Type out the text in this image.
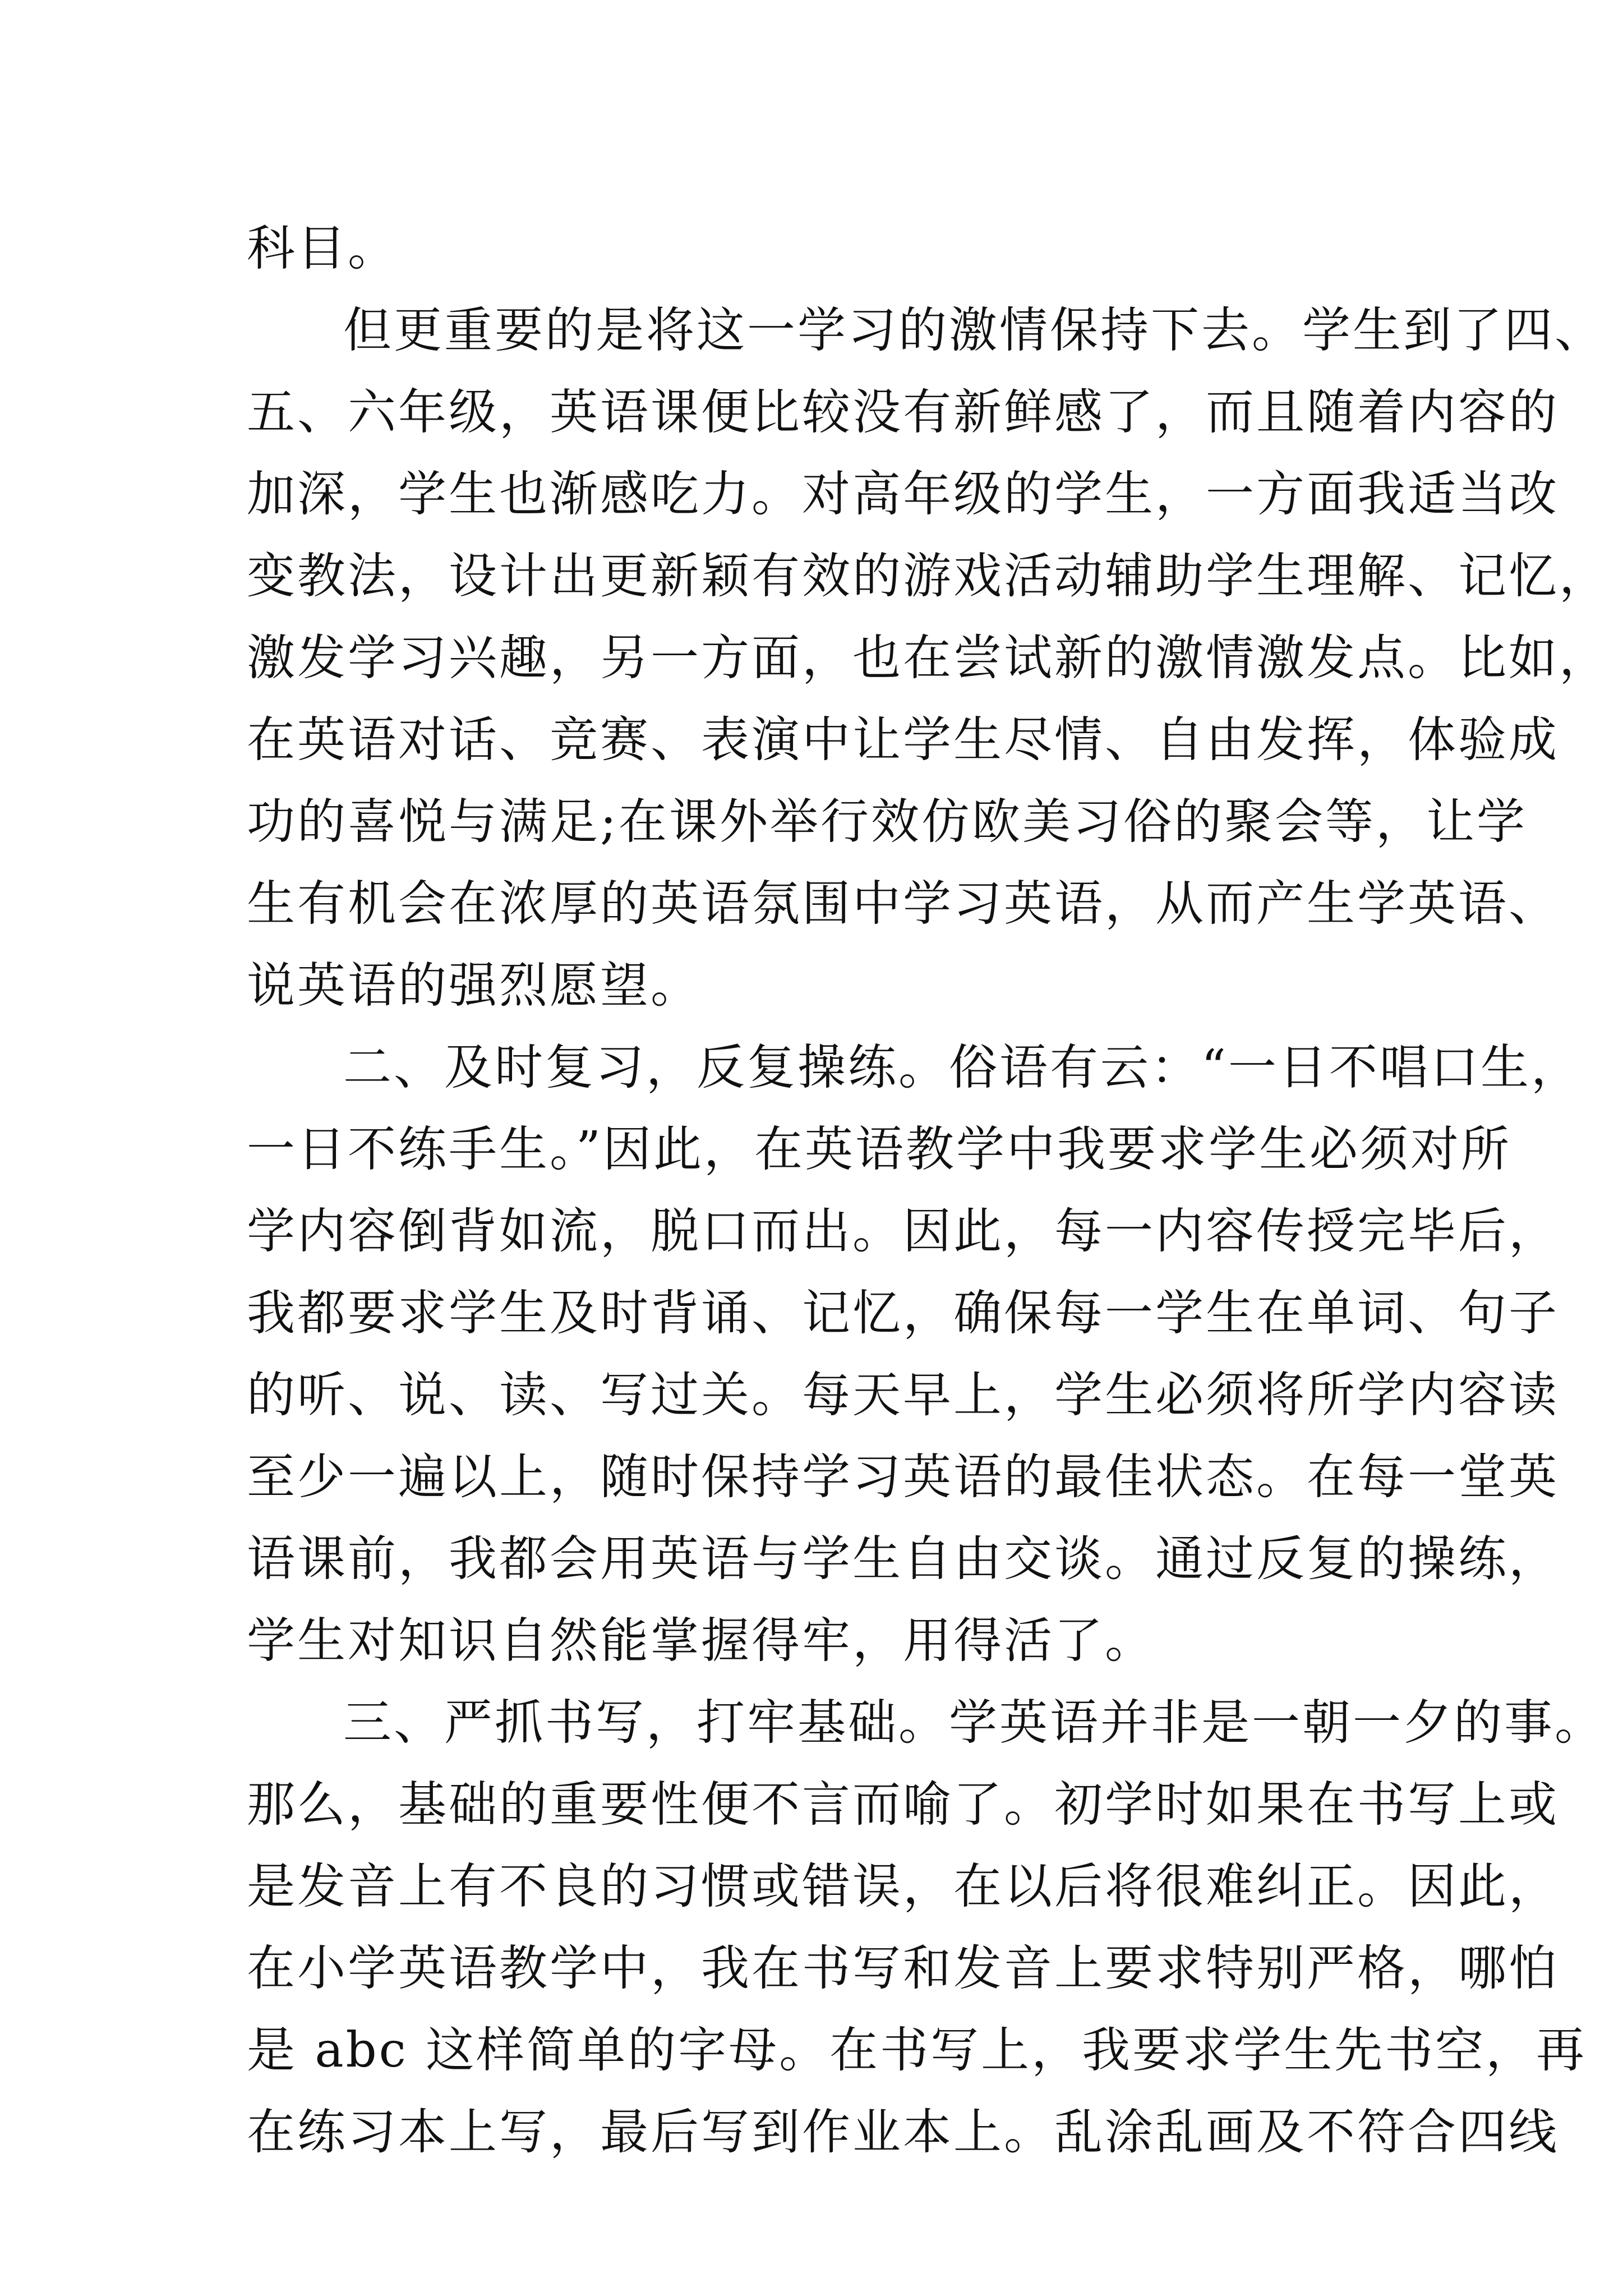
科目。
但更重要的是将这一学习的激情保持下去。学生到了四、
五、六年级，英语课便比较没有新鲜感了，而且随着内容的
加深，学生也渐感吃力。对高年级的学生，一方面我适当改
变教法，设计出更新颖有效的游戏活动辅助学生理解、记忆，
激发学习兴趣，另一方面，也在尝试新的激情激发点。比如，
在英语对话、竞赛、表演中让学生尽情、自由发挥，体验成
功的喜悦与满足;在课外举行效仿欧美习俗的聚会等，让学
生有机会在浓厚的英语氛围中学习英语，从而产生学英语、
说英语的强烈愿望。
二、及时复习，反复操练。俗语有云：“一日不唱口生，
一日不练手生。”因此，在英语教学中我要求学生必须对所
学内容倒背如流，脱口而出。因此，每一内容传授完毕后，
我都要求学生及时背诵、记忆，确保每一学生在单词、句子
的听、说、读、写过关。每天早上，学生必须将所学内容读
至少一遍以上，随时保持学习英语的最佳状态。在每一堂英
语课前，我都会用英语与学生自由交谈。通过反复的操练，
学生对知识自然能掌握得牢，用得活了。
三、严抓书写，打牢基础。学英语并非是一朝一夕的事。
那么，基础的重要性便不言而喻了。初学时如果在书写上或
是发音上有不良的习惯或错误，在以后将很难纠正。因此，
在小学英语教学中，我在书写和发音上要求特别严格，哪怕
是 abc 这样简单的字母。在书写上，我要求学生先书空，再
在练习本上写，最后写到作业本上。乱涂乱画及不符合四线
